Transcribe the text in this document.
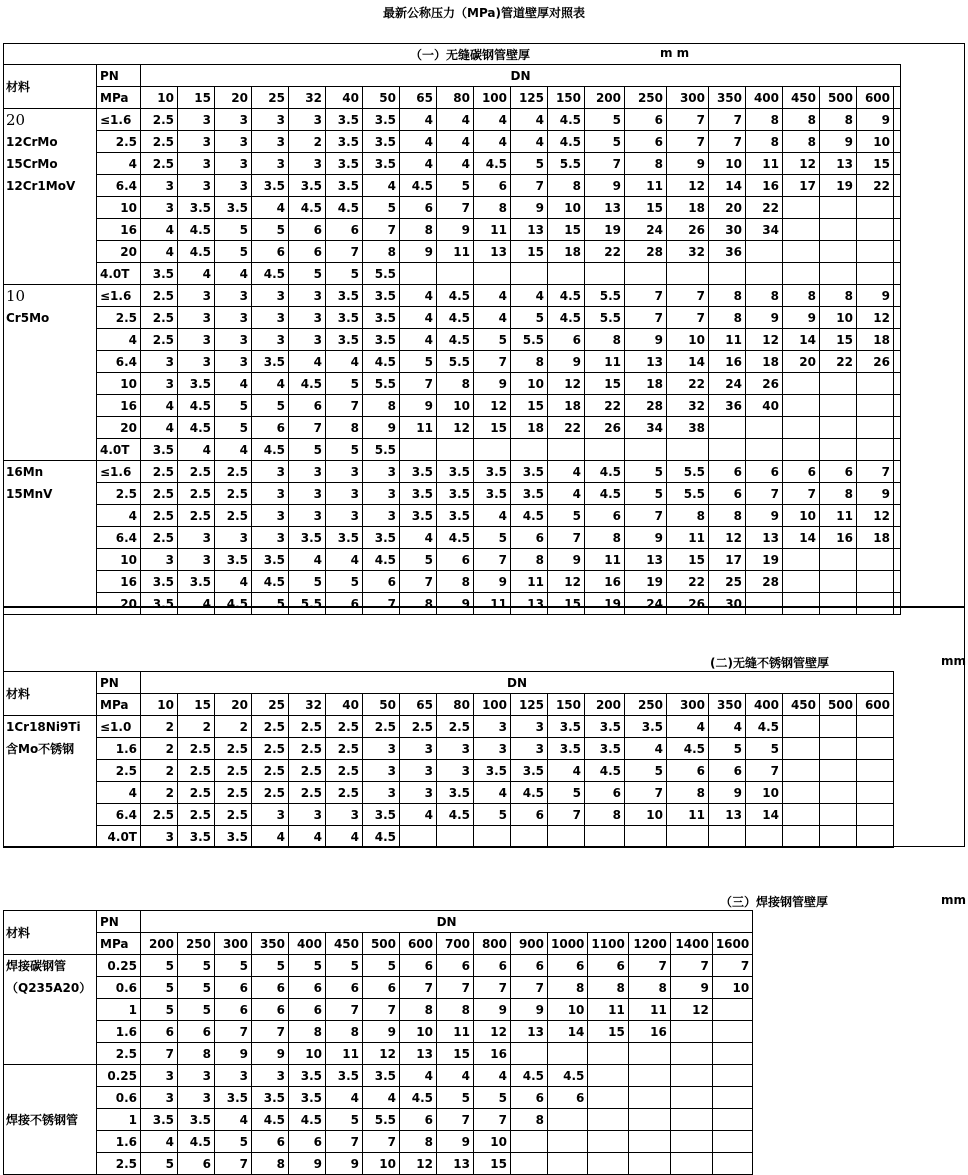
最新公称压力（MPa)管道壁厚对照表
（一）无缝碳钢管壁厚	m m
材料	PN	DN																				
	MPa	10	15	20	25	32	40	50	65	80	100	125	150	200	250	300	350	400	450	500	600	

20
12CrMo
15CrMo
12Cr1MoV	≤1.6	2.5	3	3	3	3	3.5	3.5	4	4	4	4	4.5	5	6	7	7	8	8	8	9	
	2.5	2.5	3	3	3	2	3.5	3.5	4	4	4	4	4.5	5	6	7	7	8	8	9	10	
	4	2.5	3	3	3	3	3.5	3.5	4	4	4.5	5	5.5	7	8	9	10	11	12	13	15	
	6.4	3	3	3	3.5	3.5	3.5	4	4.5	5	6	7	8	9	11	12	14	16	17	19	22	
	10	3	3.5	3.5	4	4.5	4.5	5	6	7	8	9	10	13	15	18	20	22				
	16	4	4.5	5	5	6	6	7	8	9	11	13	15	19	24	26	30	34				
	20	4	4.5	5	6	6	7	8	9	11	13	15	18	22	28	32	36					
	4.0T	3.5	4	4	4.5	5	5	5.5														

10
Cr5Mo	≤1.6	2.5	3	3	3	3	3.5	3.5	4	4.5	4	4	4.5	5.5	7	7	8	8	8	8	9	
	2.5	2.5	3	3	3	3	3.5	3.5	4	4.5	4	5	4.5	5.5	7	7	8	9	9	10	12	
	4	2.5	3	3	3	3	3.5	3.5	4	4.5	5	5.5	6	8	9	10	11	12	14	15	18	
	6.4	3	3	3	3.5	4	4	4.5	5	5.5	7	8	9	11	13	14	16	18	20	22	26	
	10	3	3.5	4	4	4.5	5	5.5	7	8	9	10	12	15	18	22	24	26				
	16	4	4.5	5	5	6	7	8	9	10	12	15	18	22	28	32	36	40				
	20	4	4.5	5	6	7	8	9	11	12	15	18	22	26	34	38						
	4.0T	3.5	4	4	4.5	5	5	5.5														

16Mn
15MnV	≤1.6	2.5	2.5	2.5	3	3	3	3	3.5	3.5	3.5	3.5	4	4.5	5	5.5	6	6	6	6	7	
	2.5	2.5	2.5	2.5	3	3	3	3	3.5	3.5	3.5	3.5	4	4.5	5	5.5	6	7	7	8	9	
	4	2.5	2.5	2.5	3	3	3	3	3.5	3.5	4	4.5	5	6	7	8	8	9	10	11	12	
	6.4	2.5	3	3	3	3.5	3.5	3.5	4	4.5	5	6	7	8	9	11	12	13	14	16	18	
	10	3	3	3.5	3.5	4	4	4.5	5	6	7	8	9	11	13	15	17	19				
	16	3.5	3.5	4	4.5	5	5	6	7	8	9	11	12	16	19	22	25	28				
	20	3.5	4	4.5	5	5.5	6	7	8	9	11	13	15	19	24	26	30					
(二)无缝不锈钢管壁厚	mm
材料	PN	DN																			
	MPa	10	15	20	25	32	40	50	65	80	100	125	150	200	250	300	350	400	450	500	600

1Cr18Ni9Ti
含Mo不锈钢	≤1.0	2	2	2	2.5	2.5	2.5	2.5	2.5	2.5	3	3	3.5	3.5	3.5	4	4	4.5			
	1.6	2	2.5	2.5	2.5	2.5	2.5	3	3	3	3	3	3.5	3.5	4	4.5	5	5			
	2.5	2	2.5	2.5	2.5	2.5	2.5	3	3	3	3.5	3.5	4	4.5	5	6	6	7			
	4	2	2.5	2.5	2.5	2.5	2.5	3	3	3.5	4	4.5	5	6	7	8	9	10			
	6.4	2.5	2.5	2.5	3	3	3	3.5	4	4.5	5	6	7	8	10	11	13	14			
	4.0T	3	3.5	3.5	4	4	4	4.5													
（三）焊接钢管壁厚	mm
材料	PN	DN															
	MPa	200	250	300	350	400	450	500	600	700	800	900	1000	1100	1200	1400	1600

焊接碳钢管
（Q235A20）	0.25	5	5	5	5	5	5	5	6	6	6	6	6	6	7	7	7
	0.6	5	5	6	6	6	6	6	7	7	7	7	8	8	8	9	10
	1	5	5	6	6	6	7	7	8	8	9	9	10	11	11	12	
	1.6	6	6	7	7	8	8	9	10	11	12	13	14	15	16		
	2.5	7	8	9	9	10	11	12	13	15	16						

焊接不锈钢管	0.25	3	3	3	3	3.5	3.5	3.5	4	4	4	4.5	4.5				
	0.6	3	3	3.5	3.5	3.5	4	4	4.5	5	5	6	6				
	1	3.5	3.5	4	4.5	4.5	5	5.5	6	7	7	8					
	1.6	4	4.5	5	6	6	7	7	8	9	10						
	2.5	5	6	7	8	9	9	10	12	13	15						
